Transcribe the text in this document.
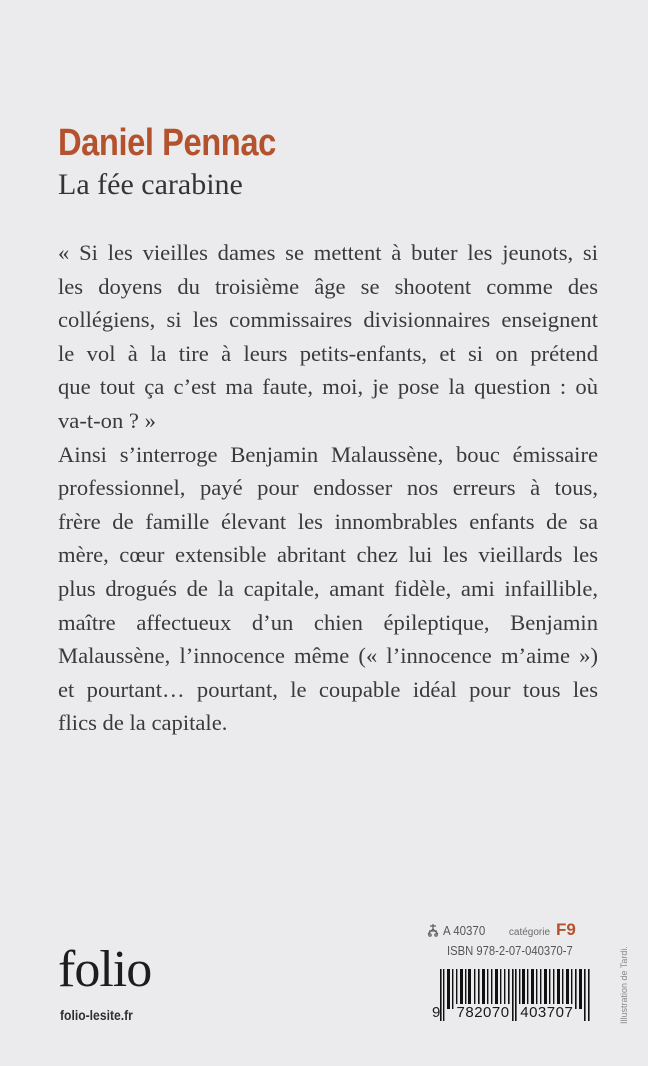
Daniel Pennac
La fée carabine
« Si les vieilles dames se mettent à buter les jeunots, si
les doyens du troisième âge se shootent comme des
collégiens, si les commissaires divisionnaires enseignent
le vol à la tire à leurs petits-enfants, et si on prétend
que tout ça c’est ma faute, moi, je pose la question : où
va-t-on ? »
Ainsi s’interroge Benjamin Malaussène, bouc émissaire
professionnel, payé pour endosser nos erreurs à tous,
frère de famille élevant les innombrables enfants de sa
mère, cœur extensible abritant chez lui les vieillards les
plus drogués de la capitale, amant fidèle, ami infaillible,
maître affectueux d’un chien épileptique, Benjamin
Malaussène, l’innocence même (« l’innocence m’aime »)
et pourtant… pourtant, le coupable idéal pour tous les
flics de la capitale.
folio
folio-lesite.fr
A 40370 catégorie F9
ISBN 978-2-07-040370-7
9 782070 403707	Illustration de Tardi.
